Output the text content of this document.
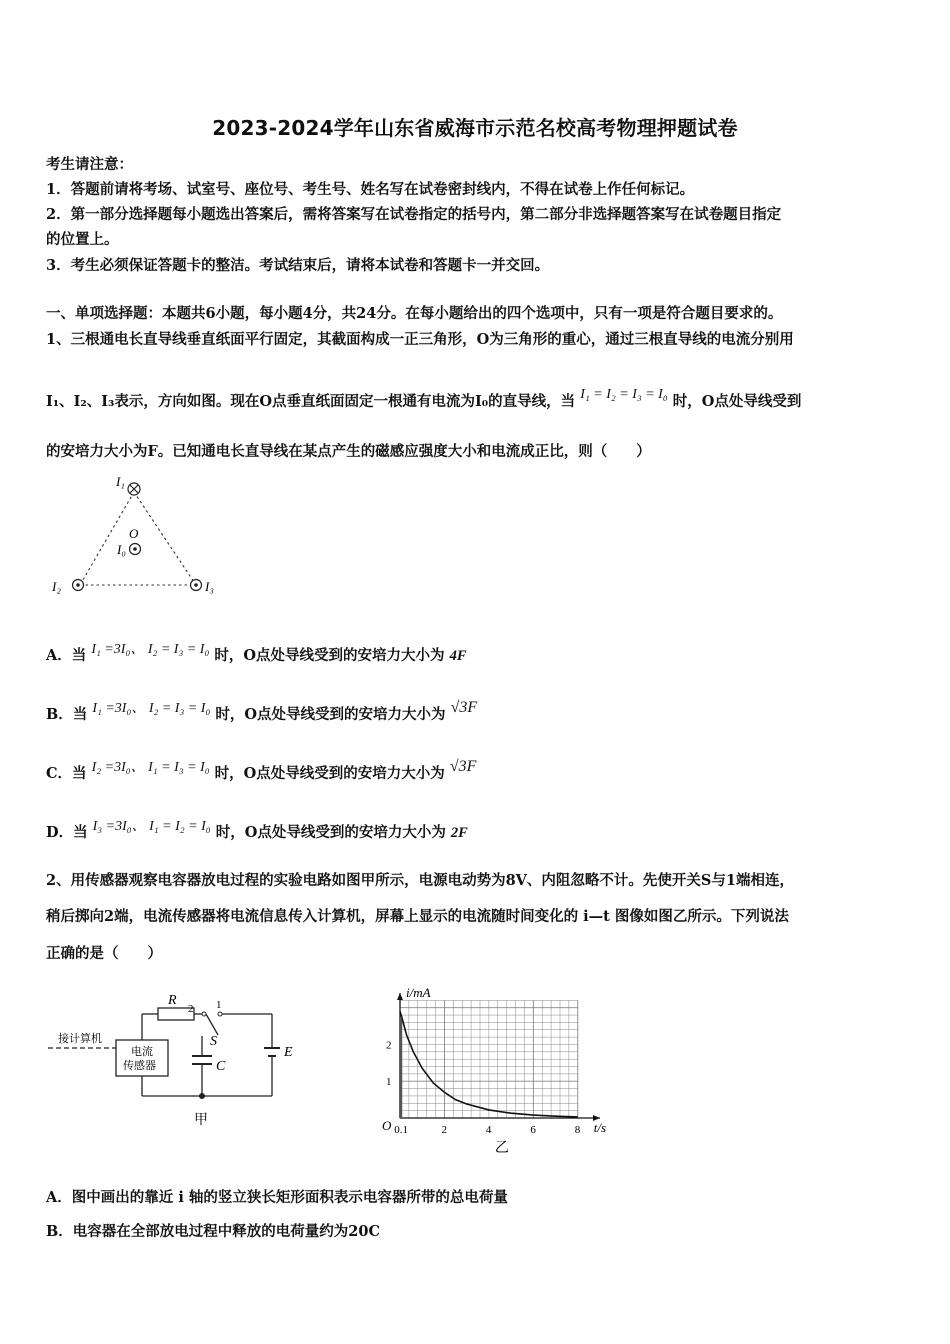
2023-2024学年山东省威海市示范名校高考物理押题试卷
考生请注意：
1．答题前请将考场、试室号、座位号、考生号、姓名写在试卷密封线内，不得在试卷上作任何标记。
2．第一部分选择题每小题选出答案后，需将答案写在试卷指定的括号内，第二部分非选择题答案写在试卷题目指定
的位置上。
3．考生必须保证答题卡的整洁。考试结束后，请将本试卷和答题卡一并交回。
一、单项选择题：本题共6小题，每小题4分，共24分。在每小题给出的四个选项中，只有一项是符合题目要求的。
1、三根通电长直导线垂直纸面平行固定，其截面构成一正三角形，O为三角形的重心，通过三根直导线的电流分别用
I₁、I₂、I₃表示，方向如图。现在O点垂直纸面固定一根通有电流为I₀的直导线，当 I₁ = I₂ = I₃ = I₀ 时，O点处导线受到
的安培力大小为F。已知通电长直导线在某点产生的磁感应强度大小和电流成正比，则（　　）
I₁
O
I₀
I₂	I₃
A．当 I₁ =3I₀、 I₂ = I₃ = I₀ 时，O点处导线受到的安培力大小为 4F
B．当 I₁ =3I₀、 I₂ = I₃ = I₀ 时，O点处导线受到的安培力大小为 √3F
C．当 I₂ =3I₀、 I₁ = I₃ = I₀ 时，O点处导线受到的安培力大小为 √3F
D．当 I₃ =3I₀、 I₁ = I₂ = I₀ 时，O点处导线受到的安培力大小为 2F
2、用传感器观察电容器放电过程的实验电路如图甲所示，电源电动势为8V、内阻忽略不计。先使开关S与1端相连，
稍后掷向2端，电流传感器将电流信息传入计算机，屏幕上显示的电流随时间变化的 i—t 图像如图乙所示。下列说法
正确的是（　　）
接计算机
电流
传感器
R
2 1
S
C
E
甲
0.1	2	4	6	8
1
2
O
i/mA
t/s
乙
A．图中画出的靠近 i 轴的竖立狭长矩形面积表示电容器所带的总电荷量
B．电容器在全部放电过程中释放的电荷量约为20C
